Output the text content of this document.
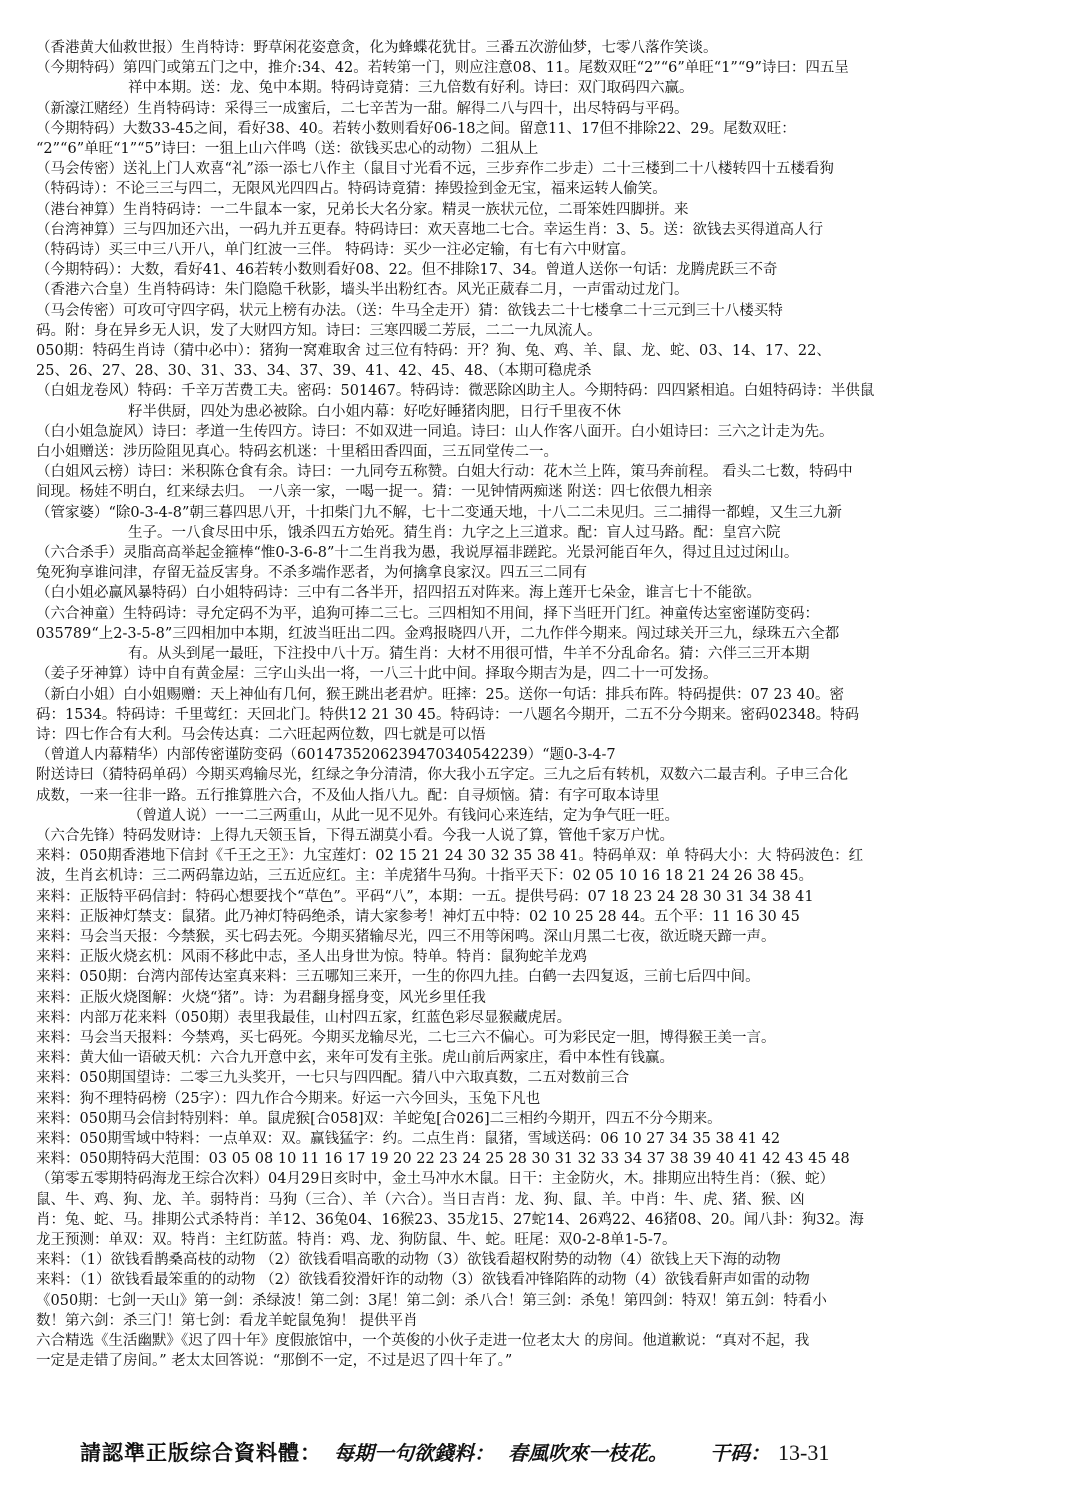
（香港黄大仙救世报）生肖特诗：野草闲花姿意贪，化为蜂蝶花犹甘。三番五次游仙梦，七零八落作笑谈。
（今期特码）第四门或第五门之中，推介:34、42。若转第一门，则应注意08、11。尾数双旺“2”“6”单旺“1”“9”诗曰：四五呈
祥中本期。送：龙、兔中本期。特码诗竟猜：三九倍数有好利。诗曰：双门取码四六赢。
（新濠江赌经）生肖特码诗：采得三一成蜜后，二七辛苦为一甜。解得二八与四十，出尽特码与平码。
（今期特码）大数33-45之间，看好38、40。若转小数则看好06-18之间。留意11、17但不排除22、29。尾数双旺：
“2”“6”单旺“1”“5”诗曰：一狙上山六伴鸣（送：欲钱买忠心的动物）二狙从上
（马会传密）送礼上门人欢喜“礼”添一添七八作主（鼠目寸光看不远，三步弃作二步走）二十三楼到二十八楼转四十五楼看狗
（特码诗）：不论三三与四二，无限风光四四占。特码诗竟猜：捧毁捡到金无宝，福来运转人偷笑。
（港台神算）生肖特码诗：一二牛鼠本一家，兄弟长大名分家。精灵一族状元位，二哥笨姓四脚拼。来
（台湾神算）三与四加还六出，一码九并五更春。特码诗曰：欢天喜地二七合。幸运生肖：3、5。送：欲钱去买得道高人行
（特码诗）买三中三八开八，单门红波一三伴。 特码诗：买少一注必定输，有七有六中财富。
（今期特码）：大数，看好41、46若转小数则看好08、22。但不排除17、34。曾道人送你一句话：龙腾虎跃三不奇
（香港六合皇）生肖特码诗：朱门隐隐千秋影，墙头半出粉红杏。风光正葳春二月，一声雷动过龙门。
（马会传密）可攻可守四字码，状元上榜有办法。（送：牛马全走开）猜：欲钱去二十七楼拿二十三元到三十八楼买特
码。附：身在异乡无人识，发了大财四方知。诗曰：三寒四暖二芳辰，二二一九凤流人。
050期：特码生肖诗（猜中必中）：猪狗一窝难取舍 过三位有特码：开？狗、兔、鸡、羊、鼠、龙、蛇、03、14、17、22、
25、26、27、28、30、31、33、34、37、39、41、42、45、48、（本期可稳虎杀
（白姐龙卷风）特码：千辛万苦费工夫。密码：501467。特码诗：微恶除凶助主人。今期特码：四四紧相追。白姐特码诗：半供鼠
籽半供厨，四处为患必被除。白小姐内幕：好吃好睡猪肉肥，日行千里夜不休
（白小姐急旋风）诗曰：孝道一生传四方。诗曰：不如双进一同追。诗曰：山人作客八面开。白小姐诗曰：三六之计走为先。
白小姐赠送：涉历险阻见真心。特码玄机迷：十里稻田香四面，三五同堂传二一。
（白姐风云榜）诗曰：米积陈仓食有余。诗曰：一九同夸五称赞。白姐大行动：花木兰上阵，策马奔前程。 看头二七数，特码中
间现。杨娃不明白，红来绿去归。 一八亲一家，一喝一捉一。猜：一见钟情两痴迷 附送：四七依偎九相亲
（管家婆）“除0-3-4-8”朝三暮四思八开，十扣柴门九不解，七十二变通天地，十八二二未见归。三二捕得一都蝗，又生三九新
生子。一八食尽田中乐，饿杀四五方始死。猜生肖：九字之上三道求。配：盲人过马路。配：皇宫六院
（六合杀手）灵脂高高举起金箍棒“惟0-3-6-8”十二生肖我为愚，我说厚福非蹉跎。光景河能百年久，得过且过过闲山。
兔死狗享谁问津，存留无益反害身。不杀多端作恶者，为何擒拿良家汉。四五三二同有
（白小姐必赢风暴特码）白小姐特码诗：三中有二各半开，招四招五对阵来。海上莲开七朵金，谁言七十不能欲。
（六合神童）生特码诗：寻允定码不为平，追狗可捧二三七。三四相知不用间，择下当旺开门红。神童传达室密谨防变码：
035789“上2-3-5-8”三四相加中本期，红波当旺出二四。金鸡报晓四八开，二九作伴今期来。闯过球关开三九，绿珠五六全都
有。从头到尾一最旺，下注投中八十万。猜生肖：大材不用很可惜，牛羊不分乱命名。猜：六伴三三开本期
（姜子牙神算）诗中自有黄金屋：三字山头出一将，一八三十此中间。择取今期吉为是，四二十一可发扬。
（新白小姐）白小姐赐赠：天上神仙有几何，猴王跳出老君炉。旺摔：25。送你一句话：排兵布阵。特码提供：07 23 40。密
码：1534。特码诗：千里莺红：天回北门。特供12 21 30 45。特码诗：一八题名今期开，二五不分今期来。密码02348。特码
诗：四七作合有大利。马会传达真：二六旺起两位数，四七就是可以悟
（曾道人内幕精华）内部传密谨防变码（6014735206239470340542239）“题0-3-4-7
附送诗曰（猜特码单码）今期买鸡输尽光，红绿之争分清清，你大我小五字定。三九之后有转机，双数六二最吉利。子申三合化
成数，一来一往非一路。五行推算胜六合，不及仙人指八九。配：自寻烦恼。猜：有字可取本诗里
（曾道人说）一一二三两重山，从此一见不见外。有钱问心来连结，定为争气旺一旺。
（六合先锋）特码发财诗：上得九天领玉旨，下得五湖莫小看。今我一人说了算，管他千家万户忧。
来料：050期香港地下信封《千王之王》：九宝莲灯：02 15 21 24 30 32 35 38 41。特码单双：单 特码大小：大 特码波色：红
波，生肖玄机诗：三二两码靠边站，三五近应红。主：羊虎猪牛马狗。十指平天下：02 05 10 16 18 21 24 26 38 45。
来料：正版特平码信封：特码心想要找个“草色”。平码“八”，本期：一五。提供号码：07 18 23 24 28 30 31 34 38 41
来料：正版神灯禁支：鼠猪。此乃神灯特码绝杀，请大家参考！神灯五中特：02 10 25 28 44。五个平：11 16 30 45
来料：马会当天报：今禁猴，买七码去死。今期买猪输尽光，四三不用等闲鸣。深山月黑二七夜，欲近晓天蹄一声。
来料：正版火烧玄机：风雨不移此中志，圣人出身世为惊。特单。特肖：鼠狗蛇羊龙鸡
来料：050期：台湾内部传达室真来料：三五哪知三来开，一生的你四九挂。白鹤一去四复返，三前七后四中间。
来料：正版火烧图解：火烧“猪”。诗：为君翻身摇身变，风光乡里任我
来料：内部万花来料（050期）表里我最佳，山村四五家，红蓝色彩尽显猴藏虎居。
来料：马会当天报料：今禁鸡，买七码死。今期买龙输尽光，二七三六不偏心。可为彩民定一胆，博得猴王美一言。
来料：黄大仙一语破天机：六合九开意中玄，来年可发有主张。虎山前后两家庄，看中本性有钱赢。
来料：050期国望诗：二零三九头奖开，一七只与四四配。猜八中六取真数，二五对数前三合
来料：狗不理特码榜（25字）：四九作合今期来。好运一六今回头，玉兔下凡也
来料：050期马会信封特别料：单。鼠虎猴[合058]双：羊蛇兔[合026]二三相约今期开，四五不分今期来。
来料：050期雪域中特料：一点单双：双。赢钱猛字：约。二点生肖：鼠猪，雪域送码：06 10 27 34 35 38 41 42
来料：050期特码大范围：03 05 08 10 11 16 17 19 20 22 23 24 25 28 30 31 32 33 34 37 38 39 40 41 42 43 45 48
（第零五零期特码海龙王综合次料）04月29日亥时中，金土马冲水木鼠。日干：主金防火，木。排期应出特生肖：（猴、蛇）
鼠、牛、鸡、狗、龙、羊。弱特肖：马狗（三合）、羊（六合）。当日吉肖：龙、狗、鼠、羊。中肖：牛、虎、猪、猴、凶
肖：兔、蛇、马。排期公式杀特肖：羊12、36兔04、16猴23、35龙15、27蛇14、26鸡22、46猪08、20。闻八卦：狗32。海
龙王预测：单双：双。特肖：主红防蓝。特肖：鸡、龙、狗防鼠、牛、蛇。旺尾：双0-2-8单1-5-7。
来料：（1）欲钱看鹊桑高枝的动物 （2）欲钱看唱高歌的动物（3）欲钱看超权附势的动物（4）欲钱上天下海的动物
来料：（1）欲钱看最笨重的的动物 （2）欲钱看狡滑奸诈的动物（3）欲钱看冲锋陷阵的动物（4）欲钱看鼾声如雷的动物
《050期：七剑一天山》第一剑：杀绿波！第二剑：3尾！第二剑：杀八合！第三剑：杀兔！第四剑：特双！第五剑：特看小
数！第六剑：杀三门！第七剑：看龙羊蛇鼠兔狗！ 提供平肖
六合精选《生活幽默》《迟了四十年》度假旅馆中，一个英俊的小伙子走进一位老太大 的房间。他道歉说：“真对不起，我
一定是走错了房间。” 老太太回答说：“那倒不一定，不过是迟了四十年了。”
請認準正版综合資料體： 每期一句欲錢料： 春風吹來一枝花。 干码： 13-31
